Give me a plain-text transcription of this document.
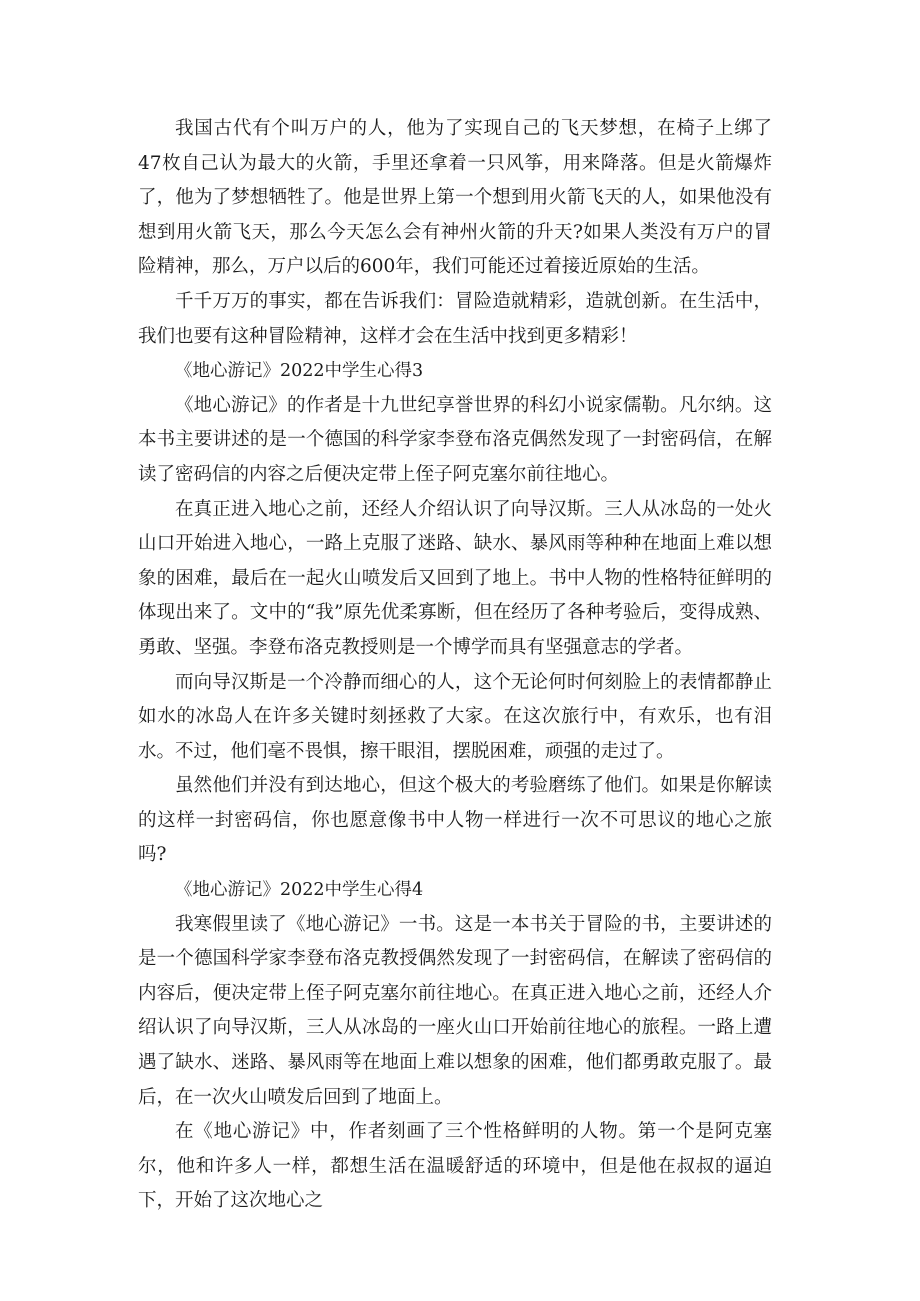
我国古代有个叫万户的人，他为了实现自己的飞天梦想，在椅子上绑了47枚自己认为最大的火箭，手里还拿着一只风筝，用来降落。但是火箭爆炸了，他为了梦想牺牲了。他是世界上第一个想到用火箭飞天的人，如果他没有想到用火箭飞天，那么今天怎么会有神州火箭的升天?如果人类没有万户的冒险精神，那么，万户以后的600年，我们可能还过着接近原始的生活。

千千万万的事实，都在告诉我们：冒险造就精彩，造就创新。在生活中，我们也要有这种冒险精神，这样才会在生活中找到更多精彩！

《地心游记》2022中学生心得3

《地心游记》的作者是十九世纪享誉世界的科幻小说家儒勒。凡尔纳。这本书主要讲述的是一个德国的科学家李登布洛克偶然发现了一封密码信，在解读了密码信的内容之后便决定带上侄子阿克塞尔前往地心。

在真正进入地心之前，还经人介绍认识了向导汉斯。三人从冰岛的一处火山口开始进入地心，一路上克服了迷路、缺水、暴风雨等种种在地面上难以想象的困难，最后在一起火山喷发后又回到了地上。书中人物的性格特征鲜明的体现出来了。文中的“我”原先优柔寡断，但在经历了各种考验后，变得成熟、勇敢、坚强。李登布洛克教授则是一个博学而具有坚强意志的学者。

而向导汉斯是一个冷静而细心的人，这个无论何时何刻脸上的表情都静止如水的冰岛人在许多关键时刻拯救了大家。在这次旅行中，有欢乐，也有泪水。不过，他们毫不畏惧，擦干眼泪，摆脱困难，顽强的走过了。

虽然他们并没有到达地心，但这个极大的考验磨练了他们。如果是你解读的这样一封密码信，你也愿意像书中人物一样进行一次不可思议的地心之旅吗?

《地心游记》2022中学生心得4

我寒假里读了《地心游记》一书。这是一本书关于冒险的书，主要讲述的是一个德国科学家李登布洛克教授偶然发现了一封密码信，在解读了密码信的内容后，便决定带上侄子阿克塞尔前往地心。在真正进入地心之前，还经人介绍认识了向导汉斯，三人从冰岛的一座火山口开始前往地心的旅程。一路上遭遇了缺水、迷路、暴风雨等在地面上难以想象的困难，他们都勇敢克服了。最后，在一次火山喷发后回到了地面上。

在《地心游记》中，作者刻画了三个性格鲜明的人物。第一个是阿克塞尔，他和许多人一样，都想生活在温暖舒适的环境中，但是他在叔叔的逼迫下，开始了这次地心之
